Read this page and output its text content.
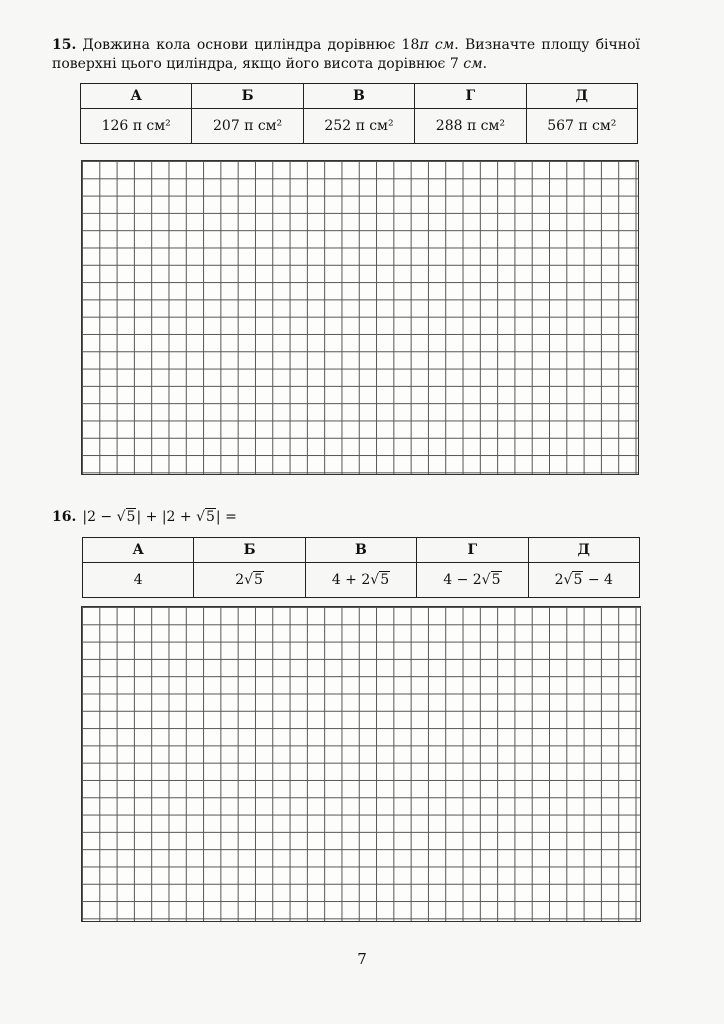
15. Довжина кола основи циліндра дорівнює 18π см. Визначте площу бічної поверхні цього циліндра, якщо його висота дорівнює 7 см.
А	Б	В	Г	Д
126 π см²	207 π см²	252 π см²	288 π см²	567 π см²
16. |2 − √5| + |2 + √5| =
А	Б	В	Г	Д
4	2√5	4 + 2√5	4 − 2√5	2√5 − 4
7
